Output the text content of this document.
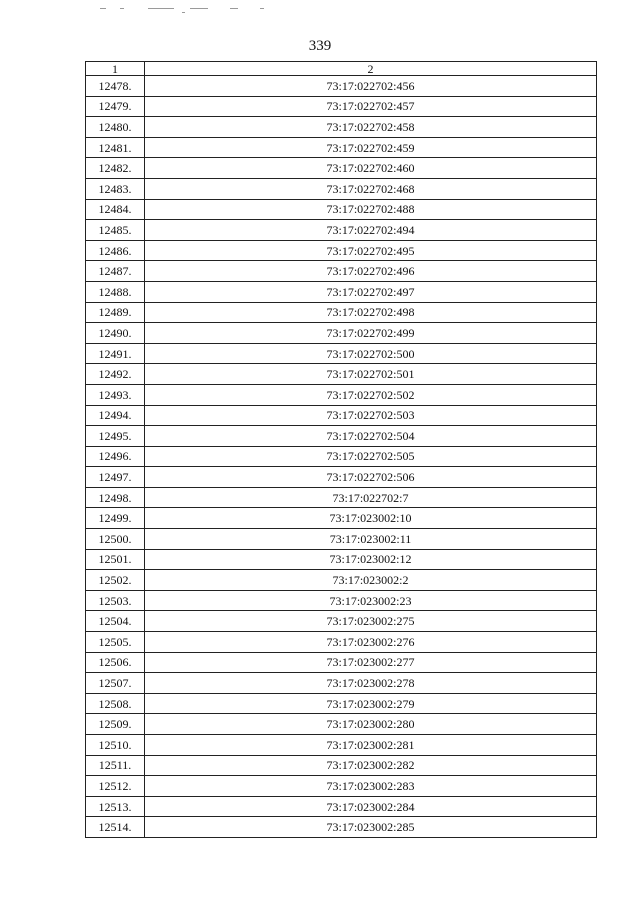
339
1	2
12478.	73:17:022702:456
12479.	73:17:022702:457
12480.	73:17:022702:458
12481.	73:17:022702:459
12482.	73:17:022702:460
12483.	73:17:022702:468
12484.	73:17:022702:488
12485.	73:17:022702:494
12486.	73:17:022702:495
12487.	73:17:022702:496
12488.	73:17:022702:497
12489.	73:17:022702:498
12490.	73:17:022702:499
12491.	73:17:022702:500
12492.	73:17:022702:501
12493.	73:17:022702:502
12494.	73:17:022702:503
12495.	73:17:022702:504
12496.	73:17:022702:505
12497.	73:17:022702:506
12498.	73:17:022702:7
12499.	73:17:023002:10
12500.	73:17:023002:11
12501.	73:17:023002:12
12502.	73:17:023002:2
12503.	73:17:023002:23
12504.	73:17:023002:275
12505.	73:17:023002:276
12506.	73:17:023002:277
12507.	73:17:023002:278
12508.	73:17:023002:279
12509.	73:17:023002:280
12510.	73:17:023002:281
12511.	73:17:023002:282
12512.	73:17:023002:283
12513.	73:17:023002:284
12514.	73:17:023002:285
